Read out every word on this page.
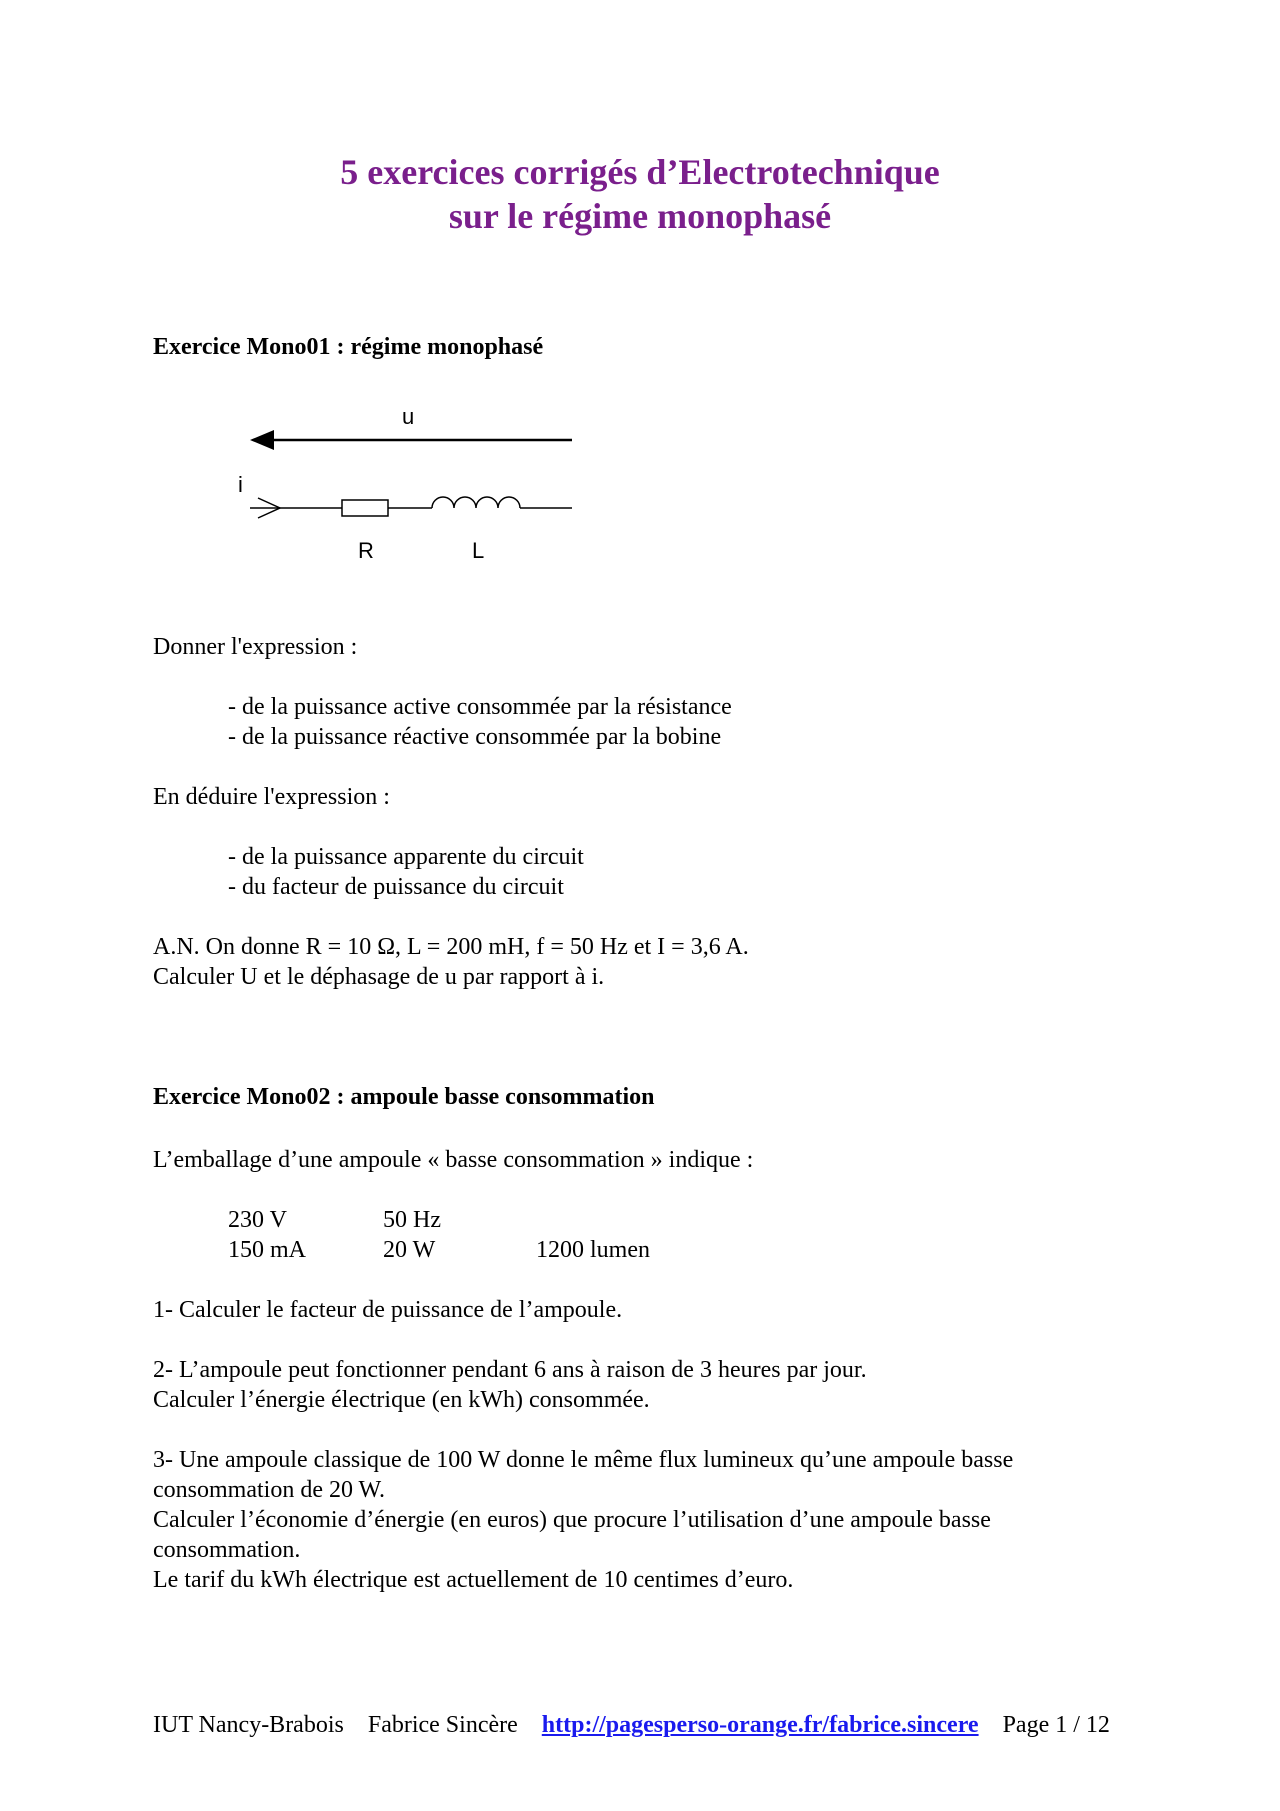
5 exercices corrigés d’Electrotechnique
sur le régime monophasé
Exercice Mono01 : régime monophasé
u
i
R	L
Donner l'expression :
- de la puissance active consommée par la résistance
- de la puissance réactive consommée par la bobine
En déduire l'expression :
- de la puissance apparente du circuit
- du facteur de puissance du circuit
A.N. On donne R = 10 Ω, L = 200 mH, f = 50 Hz et I = 3,6 A.
Calculer U et le déphasage de u par rapport à i.
Exercice Mono02 : ampoule basse consommation
L’emballage d’une ampoule « basse consommation » indique :
230 V	50 Hz
150 mA	20 W	1200 lumen
1- Calculer le facteur de puissance de l’ampoule.
2- L’ampoule peut fonctionner pendant 6 ans à raison de 3 heures par jour.
Calculer l’énergie électrique (en kWh) consommée.
3- Une ampoule classique de 100 W donne le même flux lumineux qu’une ampoule basse
consommation de 20 W.
Calculer l’économie d’énergie (en euros) que procure l’utilisation d’une ampoule basse
consommation.
Le tarif du kWh électrique est actuellement de 10 centimes d’euro.
IUT Nancy-Brabois Fabrice Sincère http://pagesperso-orange.fr/fabrice.sincere Page 1 / 12
